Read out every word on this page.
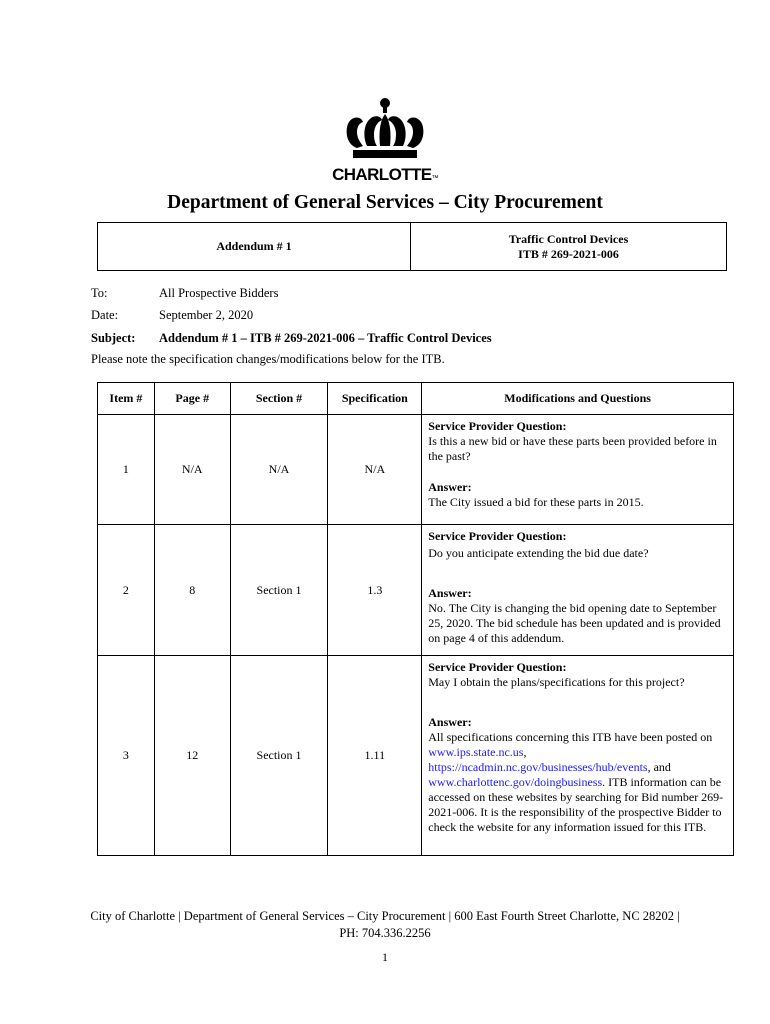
CHARLOTTE™
Department of General Services – City Procurement
Addendum # 1
Traffic Control Devices
ITB # 269-2021-006
To:	All Prospective Bidders
Date:	September 2, 2020
Subject: Addendum # 1 – ITB # 269-2021-006 – Traffic Control Devices
Please note the specification changes/modifications below for the ITB.
Item #	Page #	Section #	Specification	Modifications and Questions
1	N/A	N/A	N/A	Service Provider Question:
Is this a new bid or have these parts been provided before in the past?
Answer:
The City issued a bid for these parts in 2015.

2	8	Section 1	1.3	Service Provider Question:
Do you anticipate extending the bid due date?
Answer:
No. The City is changing the bid opening date to September 25, 2020. The bid schedule has been updated and is provided on page 4 of this addendum.

3	12	Section 1	1.11	Service Provider Question:
May I obtain the plans/specifications for this project?
Answer:
All specifications concerning this ITB have been posted on www.ips.state.nc.us, https://ncadmin.nc.gov/businesses/hub/events, and www.charlottenc.gov/doingbusiness. ITB information can be accessed on these websites by searching for Bid number 269-2021-006. It is the responsibility of the prospective Bidder to check the website for any information issued for this ITB.
City of Charlotte | Department of General Services – City Procurement | 600 East Fourth Street Charlotte, NC 28202 |
PH: 704.336.2256
1
